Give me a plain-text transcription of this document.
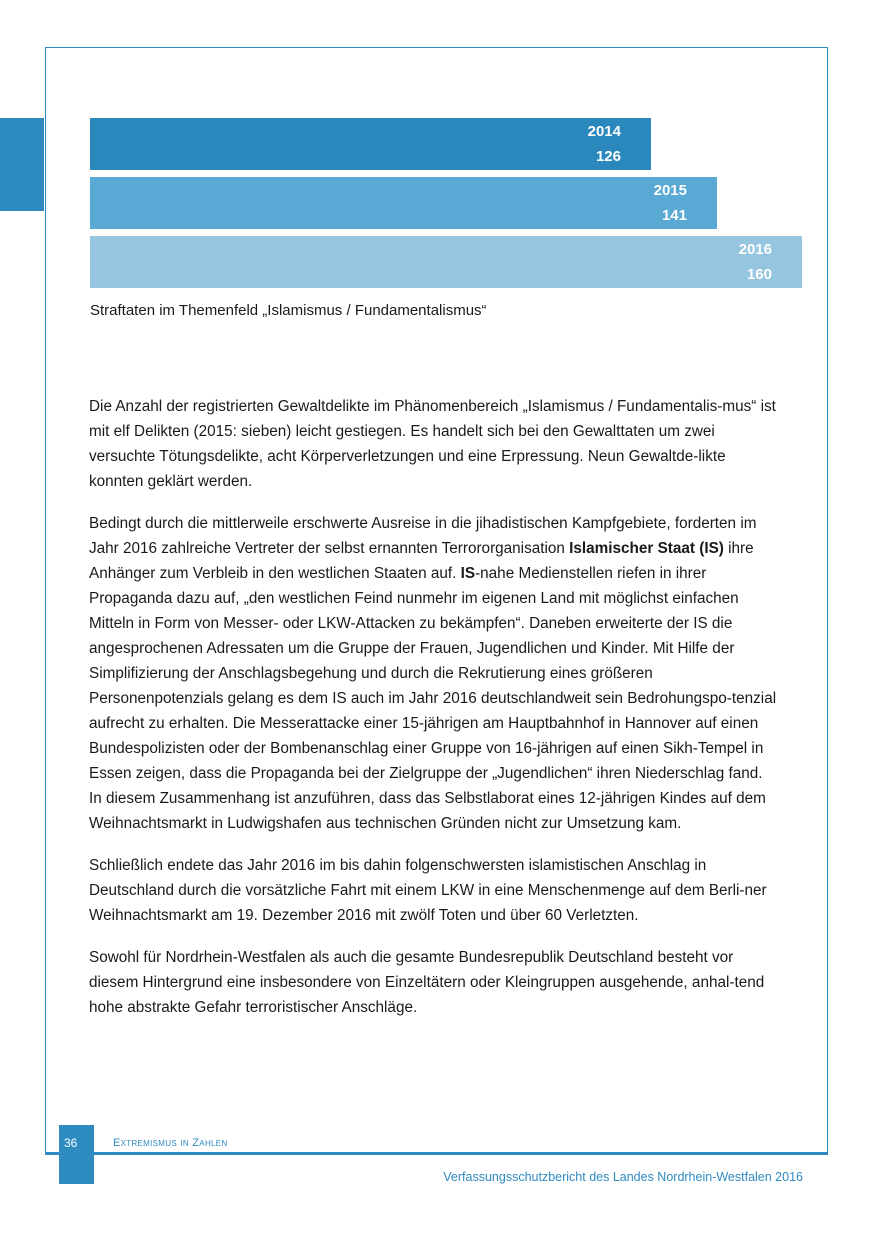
2014
126
2015
141
2016
160
Straftaten im Themenfeld „Islamismus / Fundamentalismus“

Die Anzahl der registrierten Gewaltdelikte im Phänomenbereich „Islamismus / Fundamentalis-mus“ ist mit elf Delikten (2015: sieben) leicht gestiegen. Es handelt sich bei den Gewalttaten um zwei versuchte Tötungsdelikte, acht Körperverletzungen und eine Erpressung. Neun Gewaltde-likte konnten geklärt werden.

Bedingt durch die mittlerweile erschwerte Ausreise in die jihadistischen Kampfgebiete, forderten im Jahr 2016 zahlreiche Vertreter der selbst ernannten Terrororganisation Islamischer Staat (IS) ihre Anhänger zum Verbleib in den westlichen Staaten auf. IS-nahe Medienstellen riefen in ihrer Propaganda dazu auf, „den westlichen Feind nunmehr im eigenen Land mit möglichst einfachen Mitteln in Form von Messer- oder LKW-Attacken zu bekämpfen“. Daneben erweiterte der IS die angesprochenen Adressaten um die Gruppe der Frauen, Jugendlichen und Kinder. Mit Hilfe der Simplifizierung der Anschlagsbegehung und durch die Rekrutierung eines größeren Personenpotenzials gelang es dem IS auch im Jahr 2016 deutschlandweit sein Bedrohungspo-tenzial aufrecht zu erhalten. Die Messerattacke einer 15-jährigen am Hauptbahnhof in Hannover auf einen Bundespolizisten oder der Bombenanschlag einer Gruppe von 16-jährigen auf einen Sikh-Tempel in Essen zeigen, dass die Propaganda bei der Zielgruppe der „Jugendlichen“ ihren Niederschlag fand. In diesem Zusammenhang ist anzuführen, dass das Selbstlaborat eines 12-jährigen Kindes auf dem Weihnachtsmarkt in Ludwigshafen aus technischen Gründen nicht zur Umsetzung kam.

Schließlich endete das Jahr 2016 im bis dahin folgenschwersten islamistischen Anschlag in Deutschland durch die vorsätzliche Fahrt mit einem LKW in eine Menschenmenge auf dem Berli-ner Weihnachtsmarkt am 19. Dezember 2016 mit zwölf Toten und über 60 Verletzten.

Sowohl für Nordrhein-Westfalen als auch die gesamte Bundesrepublik Deutschland besteht vor diesem Hintergrund eine insbesondere von Einzeltätern oder Kleingruppen ausgehende, anhal-tend hohe abstrakte Gefahr terroristischer Anschläge.

36	Extremismus in Zahlen
Verfassungsschutzbericht des Landes Nordrhein-Westfalen 2016
